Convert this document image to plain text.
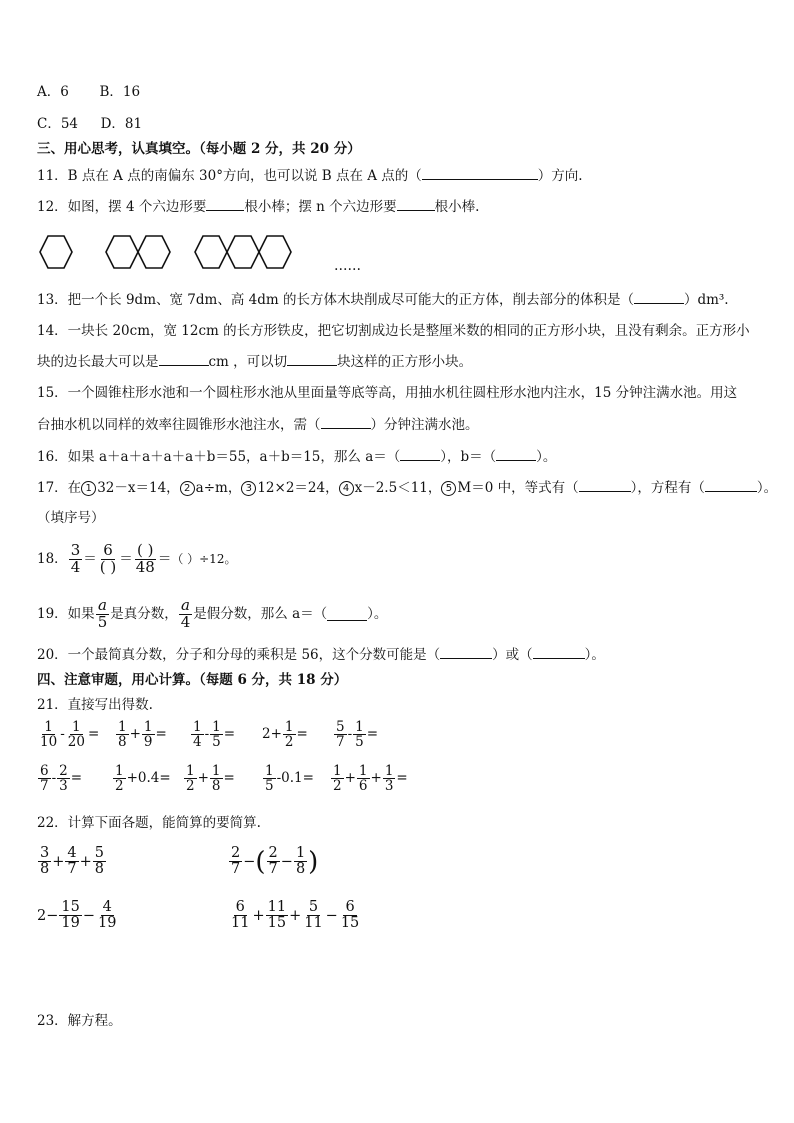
A．6 B．16
C．54 D．81
三、用心思考，认真填空。（每小题 2 分，共 20 分）
11．B 点在 A 点的南偏东 30°方向，也可以说 B 点在 A 点的（	）方向.
12．如图，摆 4 个六边形要	根小棒；摆 n 个六边形要	根小棒.
……
13．把一个长 9dm、宽 7dm、高 4dm 的长方体木块削成尽可能大的正方体，削去部分的体积是（	）dm³.
14．一块长 20cm，宽 12cm 的长方形铁皮，把它切割成边长是整厘米数的相同的正方形小块，且没有剩余。正方形小
块的边长最大可以是	cm ，可以切	块这样的正方形小块。
15．一个圆锥柱形水池和一个圆柱形水池从里面量等底等高，用抽水机往圆柱形水池内注水，15 分钟注满水池。用这
台抽水机以同样的效率往圆锥形水池注水，需（	）分钟注满水池。
16．如果 a＋a＋a＋a＋a＋b＝55，a＋b＝15，那么 a＝（	），b＝（	）。
17．在 1 32－x＝14， 2 a÷m， 3 12×2＝24， 4 x－2.5＜11， 5 M＝0 中，等式有（	），方程有（	）。
（填序号）
18． $\frac{3}{4} = \frac{6}{( )} = \frac{( )}{48}$ ＝ （ ）÷12。
19．如果 $\frac{a}{5}$ 是真分数， $\frac{a}{4}$ 是假分数，那么 a＝（	）。
20．一个最简真分数，分子和分母的乘积是 56，这个分数可能是（	）或（	）。
四、注意审题，用心计算。（每题 6 分，共 18 分）
21．直接写出得数.
$\frac{1}{10} - \frac{1}{20} = \frac{1}{8} + \frac{1}{9} = \frac{1}{4} - \frac{1}{5} = 2+ \frac{1}{2} = \frac{5}{7} - \frac{1}{5}$ =
$\frac{6}{7} - \frac{2}{3} = \frac{1}{2} +0.4= \frac{1}{2} + \frac{1}{8} = \frac{1}{5} -0.1= \frac{1}{2} + \frac{1}{6} + \frac{1}{3}$ =
22．计算下面各题，能简算的要简算.
$\frac{3}{8} + \frac{4}{7} + \frac{5}{8}$	$\frac{2}{7}$ − ( $\frac{2}{7} - \frac{1}{8}$ )
$2- \frac{15}{19} - \frac{4}{19}$	$\frac{6}{11} + \frac{11}{15} + \frac{5}{11} - \frac{6}{15}$
23．解方程。
